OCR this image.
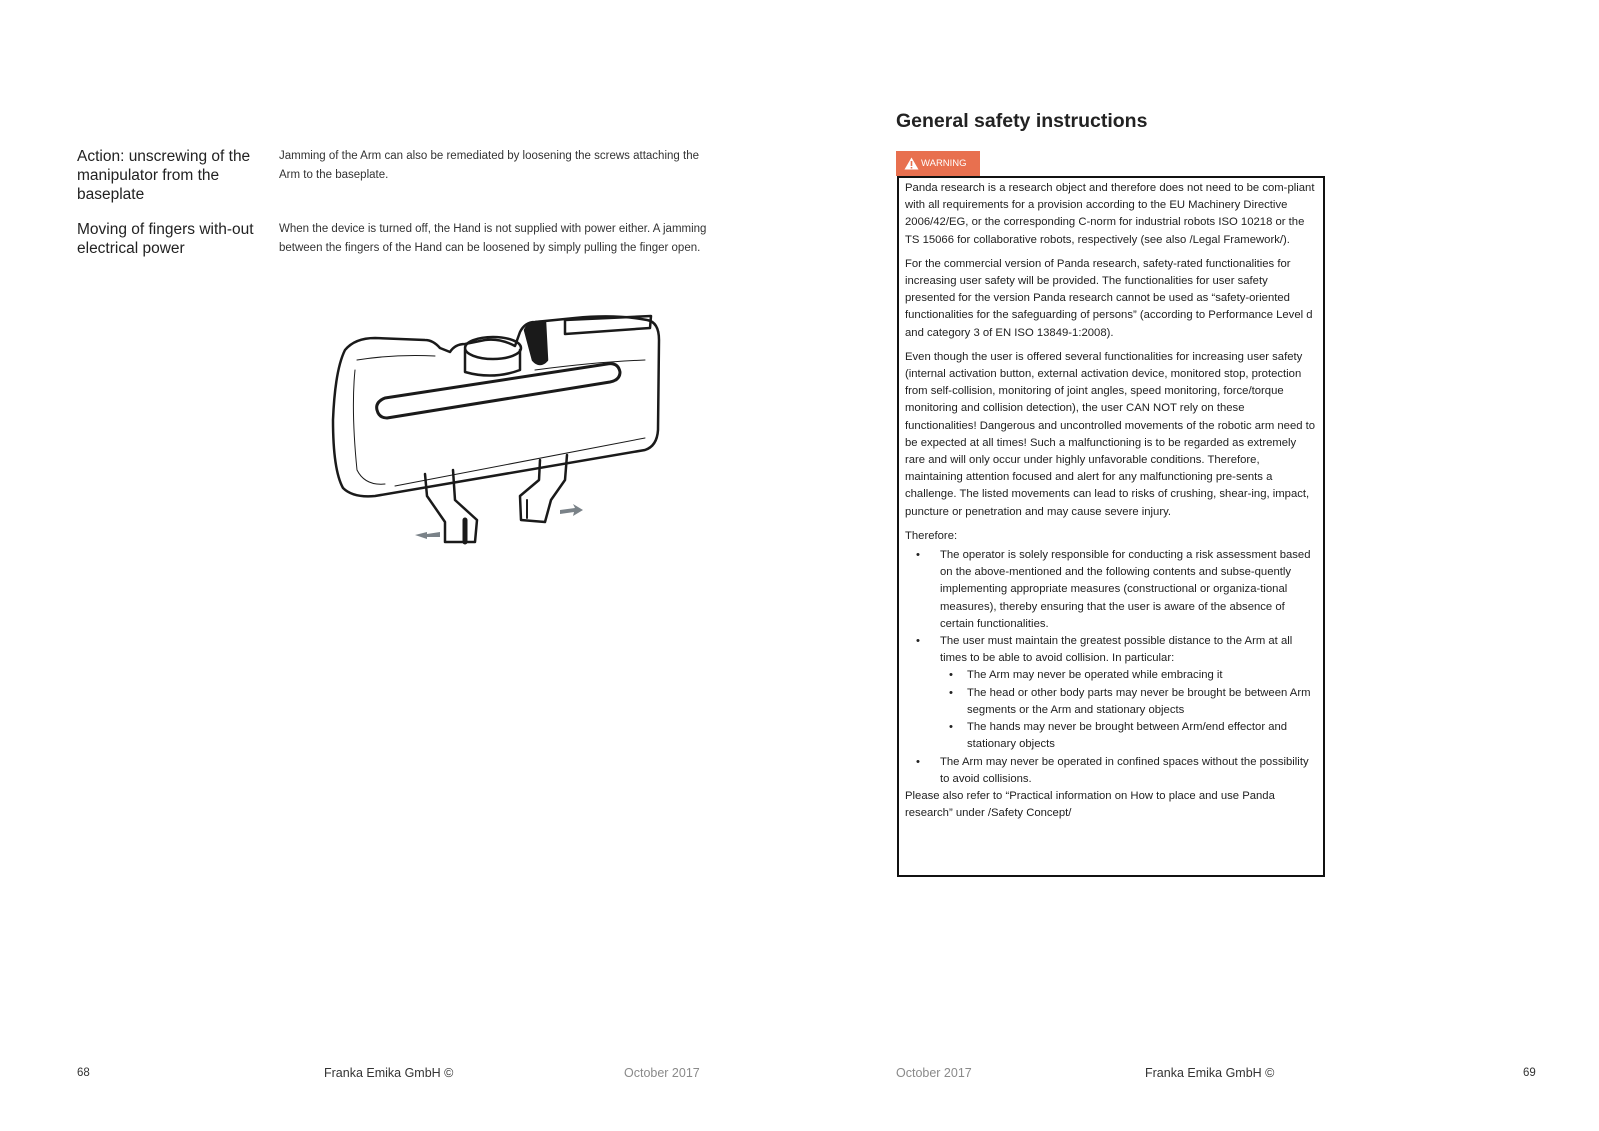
Action: unscrewing of the manipulator from the baseplate
Jamming of the Arm can also be remediated by loosening the screws attaching the Arm to the baseplate.
Moving of fingers with-out electrical power
When the device is turned off, the Hand is not supplied with power either. A jamming between the fingers of the Hand can be loosened by simply pulling the finger open.
68	Franka Emika GmbH ©	October 2017
General safety instructions
WARNING

Panda research is a research object and therefore does not need to be com-pliant with all requirements for a provision according to the EU Machinery Directive 2006/42/EG, or the corresponding C-norm for industrial robots ISO 10218 or the TS 15066 for collaborative robots, respectively (see also /Legal Framework/).

For the commercial version of Panda research, safety-rated functionalities for increasing user safety will be provided. The functionalities for user safety presented for the version Panda research cannot be used as “safety-oriented functionalities for the safeguarding of persons” (according to Performance Level d and category 3 of EN ISO 13849-1:2008).

Even though the user is offered several functionalities for increasing user safety (internal activation button, external activation device, monitored stop, protection from self-collision, monitoring of joint angles, speed monitoring, force/torque monitoring and collision detection), the user CAN NOT rely on these functionalities! Dangerous and uncontrolled movements of the robotic arm need to be expected at all times! Such a malfunctioning is to be regarded as extremely rare and will only occur under highly unfavorable conditions. Therefore, maintaining attention focused and alert for any malfunctioning pre-sents a challenge. The listed movements can lead to risks of crushing, shear-ing, impact, puncture or penetration and may cause severe injury.

Therefore:
• The operator is solely responsible for conducting a risk assessment based on the above-mentioned and the following contents and subse-quently implementing appropriate measures (constructional or organiza-tional measures), thereby ensuring that the user is aware of the absence of certain functionalities.
• The user must maintain the greatest possible distance to the Arm at all times to be able to avoid collision. In particular:
• The Arm may never be operated while embracing it
• The head or other body parts may never be brought be between Arm segments or the Arm and stationary objects
• The hands may never be brought between Arm/end effector and stationary objects
• The Arm may never be operated in confined spaces without the possibility to avoid collisions.
Please also refer to “Practical information on How to place and use Panda research” under /Safety Concept/
October 2017	Franka Emika GmbH ©	69
